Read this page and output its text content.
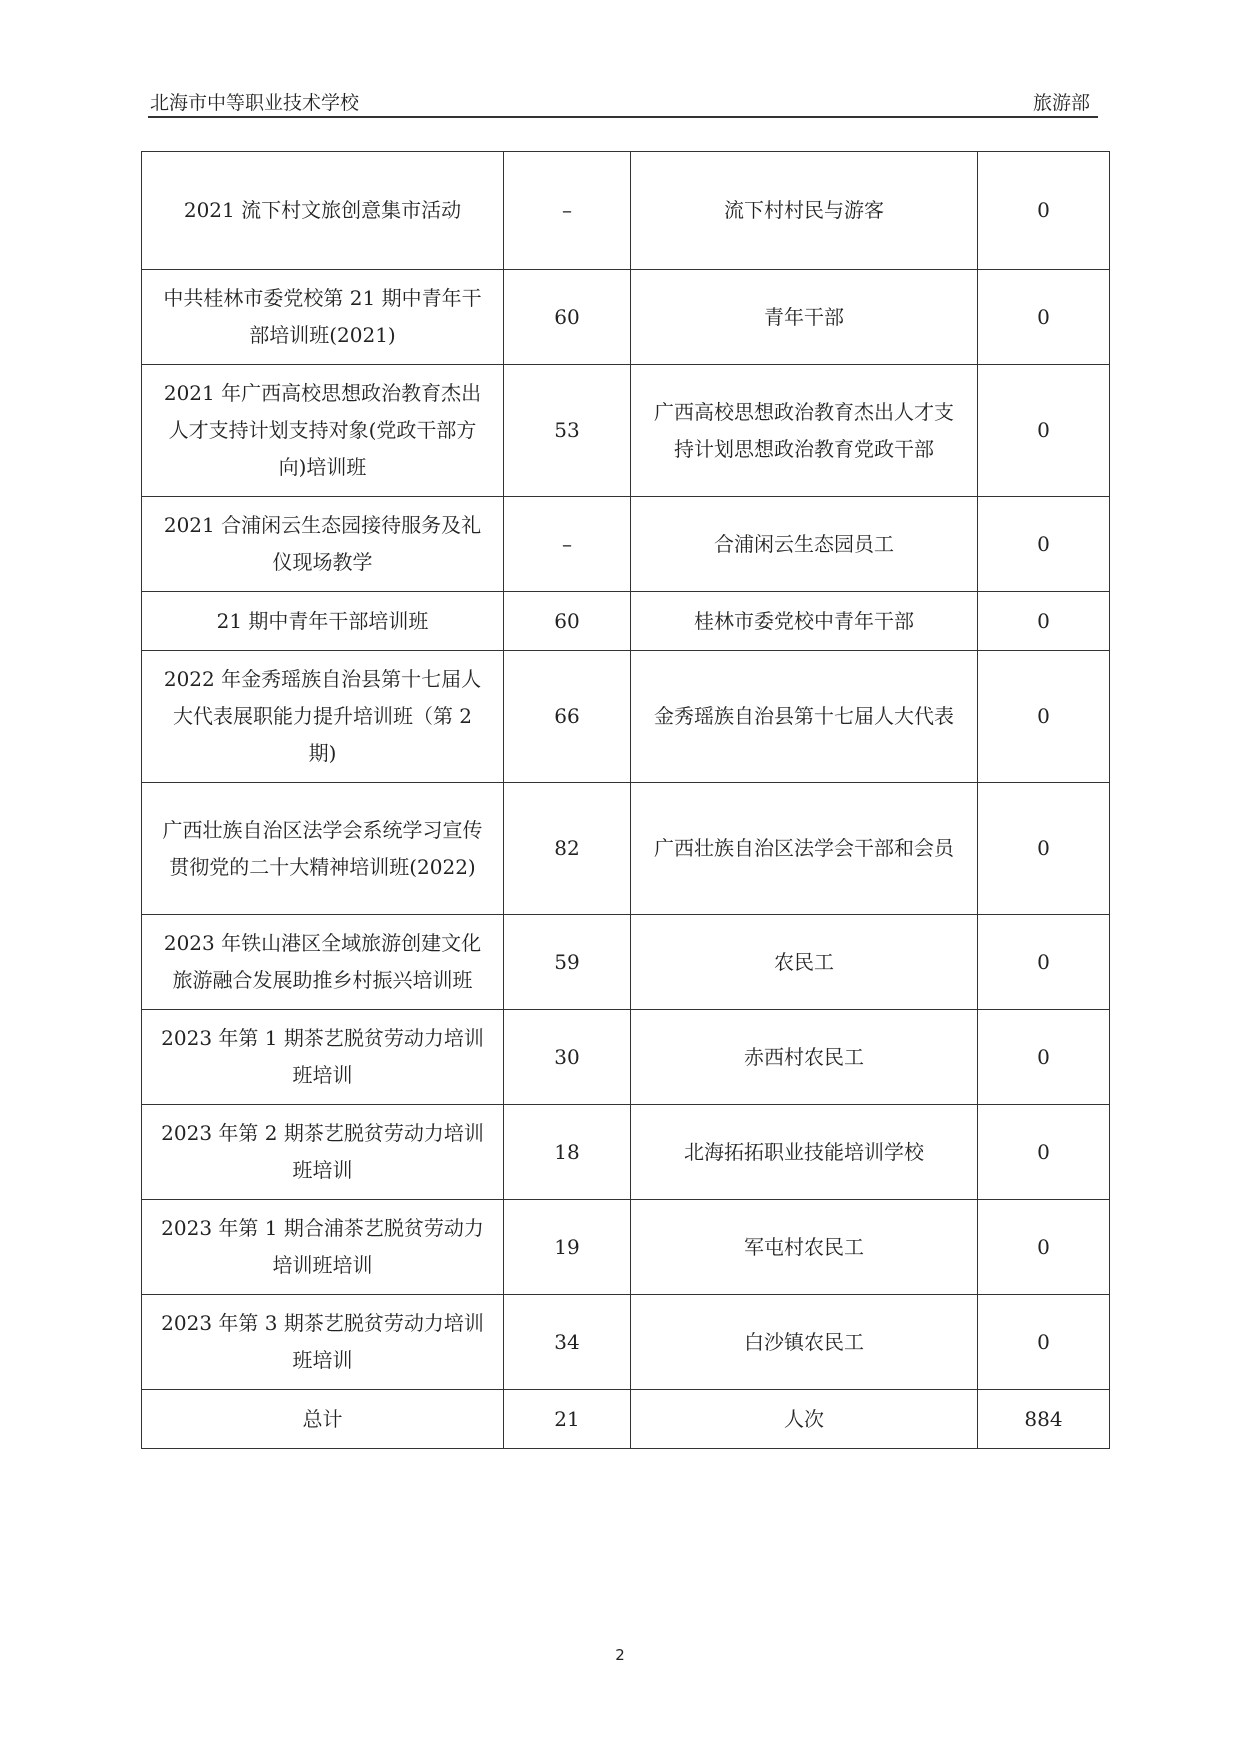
北海市中等职业技术学校	旅游部
2021 流下村文旅创意集市活动	–	流下村村民与游客	0
中共桂林市委党校第 21 期中青年干部培训班(2021)	60	青年干部	0
2021 年广西高校思想政治教育杰出人才支持计划支持对象(党政干部方向)培训班	53	广西高校思想政治教育杰出人才支持计划思想政治教育党政干部	0
2021 合浦闲云生态园接待服务及礼仪现场教学	–	合浦闲云生态园员工	0
21 期中青年干部培训班	60	桂林市委党校中青年干部	0
2022 年金秀瑶族自治县第十七届人大代表展职能力提升培训班（第 2 期)	66	金秀瑶族自治县第十七届人大代表	0
广西壮族自治区法学会系统学习宣传贯彻党的二十大精神培训班(2022)	82	广西壮族自治区法学会干部和会员	0
2023 年铁山港区全域旅游创建文化旅游融合发展助推乡村振兴培训班	59	农民工	0
2023 年第 1 期茶艺脱贫劳动力培训班培训	30	赤西村农民工	0
2023 年第 2 期茶艺脱贫劳动力培训班培训	18	北海拓拓职业技能培训学校	0
2023 年第 1 期合浦茶艺脱贫劳动力培训班培训	19	军屯村农民工	0
2023 年第 3 期茶艺脱贫劳动力培训班培训	34	白沙镇农民工	0
总计	21	人次	884
2
